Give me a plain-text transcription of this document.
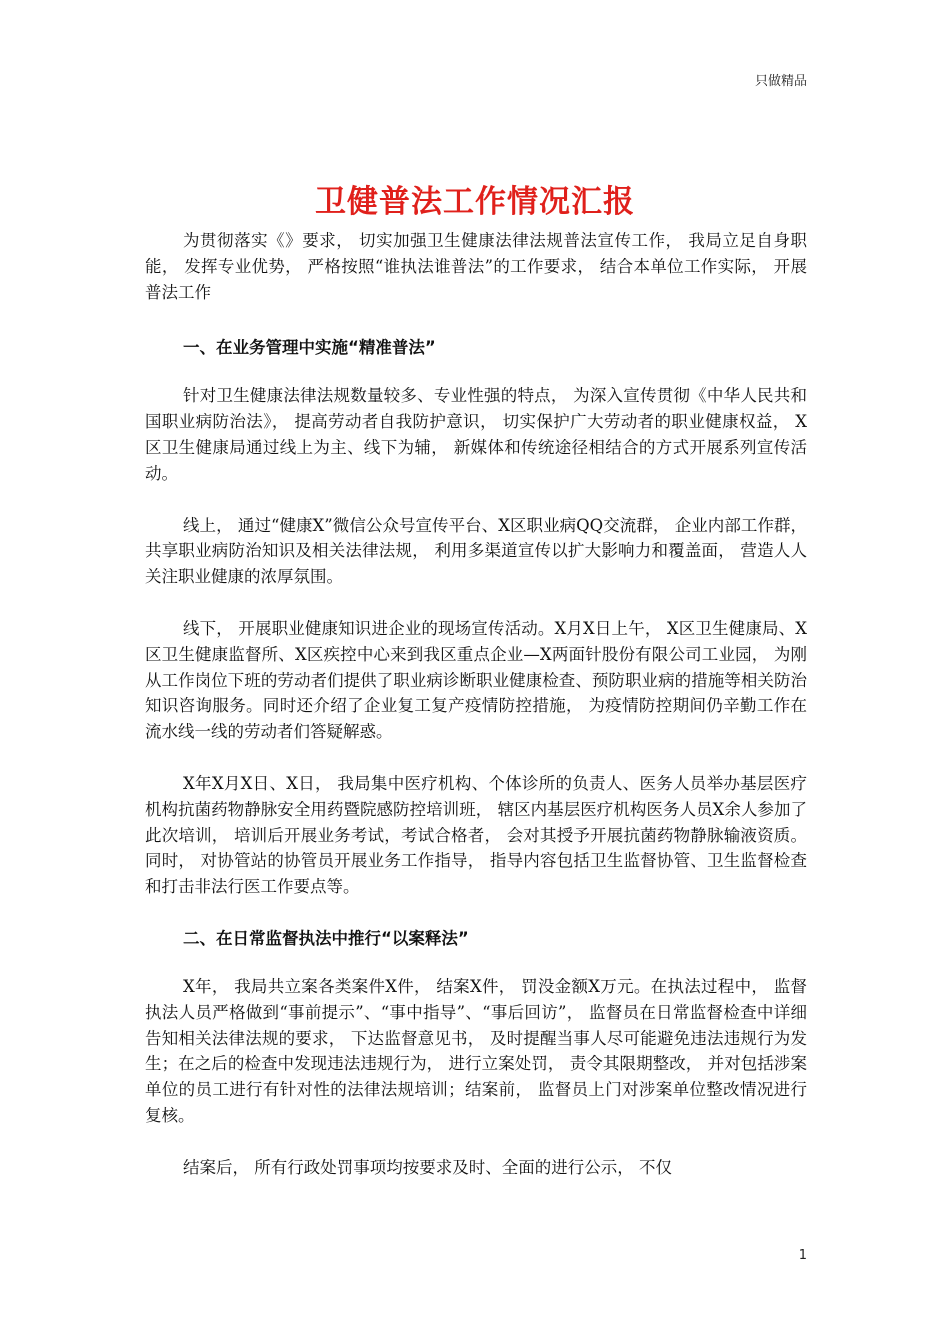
只做精品
卫健普法工作情况汇报

为贯彻落实《》要求， 切实加强卫生健康法律法规普法宣传工作， 我局立足自身职能， 发挥专业优势， 严格按照“谁执法谁普法”的工作要求， 结合本单位工作实际， 开展普法工作

一、在业务管理中实施“精准普法”

针对卫生健康法律法规数量较多、专业性强的特点， 为深入宣传贯彻《中华人民共和国职业病防治法》， 提高劳动者自我防护意识， 切实保护广大劳动者的职业健康权益， X区卫生健康局通过线上为主、线下为辅， 新媒体和传统途径相结合的方式开展系列宣传活动。

线上， 通过“健康X”微信公众号宣传平台、X区职业病QQ交流群， 企业内部工作群， 共享职业病防治知识及相关法律法规， 利用多渠道宣传以扩大影响力和覆盖面， 营造人人关注职业健康的浓厚氛围。

线下， 开展职业健康知识进企业的现场宣传活动。X月X日上午， X区卫生健康局、X区卫生健康监督所、X区疾控中心来到我区重点企业—X两面针股份有限公司工业园， 为刚从工作岗位下班的劳动者们提供了职业病诊断职业健康检查、预防职业病的措施等相关防治知识咨询服务。同时还介绍了企业复工复产疫情防控措施， 为疫情防控期间仍辛勤工作在流水线一线的劳动者们答疑解惑。

X年X月X日、X日， 我局集中医疗机构、个体诊所的负责人、医务人员举办基层医疗机构抗菌药物静脉安全用药暨院感防控培训班， 辖区内基层医疗机构医务人员X余人参加了此次培训， 培训后开展业务考试，考试合格者， 会对其授予开展抗菌药物静脉输液资质。同时， 对协管站的协管员开展业务工作指导， 指导内容包括卫生监督协管、卫生监督检查和打击非法行医工作要点等。

二、在日常监督执法中推行“以案释法”

X年， 我局共立案各类案件X件， 结案X件， 罚没金额X万元。在执法过程中， 监督执法人员严格做到“事前提示”、“事中指导”、“事后回访”， 监督员在日常监督检查中详细告知相关法律法规的要求， 下达监督意见书， 及时提醒当事人尽可能避免违法违规行为发生；在之后的检查中发现违法违规行为， 进行立案处罚， 责令其限期整改， 并对包括涉案单位的员工进行有针对性的法律法规培训；结案前， 监督员上门对涉案单位整改情况进行复核。

结案后， 所有行政处罚事项均按要求及时、全面的进行公示， 不仅

1
